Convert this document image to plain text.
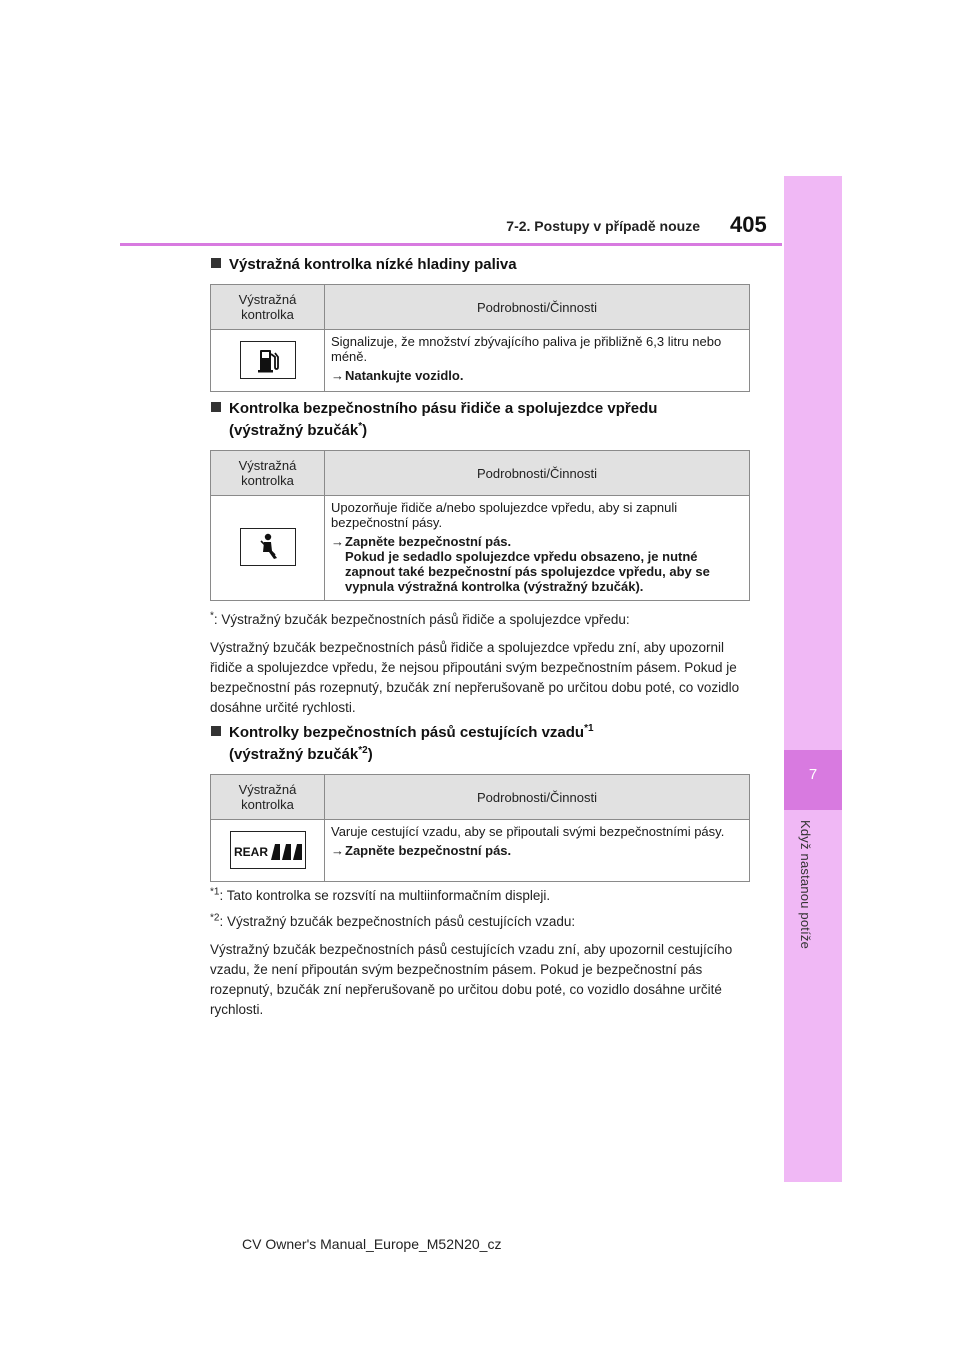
7
Když nastanou potíže
7-2. Postupy v případě nouze 405
Výstražná kontrolka nízké hladiny paliva
Výstražná kontrolka	Podrobnosti/Činnosti
	Signalizuje, že množství zbývajícího paliva je přibližně 6,3 litru nebo méně.
→ Natankujte vozidlo.
Kontrolka bezpečnostního pásu řidiče a spolujezdce vpředu
(výstražný bzučák*)
Výstražná kontrolka	Podrobnosti/Činnosti
	Upozorňuje řidiče a/nebo spolujezdce vpředu, aby si zapnuli bezpečnostní pásy.
→ Zapněte bezpečnostní pás.
Pokud je sedadlo spolujezdce vpředu obsazeno, je nutné zapnout také bezpečnostní pás spolujezdce vpředu, aby se vypnula výstražná kontrolka (výstražný bzučák).
*: Výstražný bzučák bezpečnostních pásů řidiče a spolujezdce vpředu:
Výstražný bzučák bezpečnostních pásů řidiče a spolujezdce vpředu zní, aby upozornil řidiče a spolujezdce vpředu, že nejsou připoutáni svým bezpečnostním pásem. Pokud je bezpečnostní pás rozepnutý, bzučák zní nepřerušovaně po určitou dobu poté, co vozidlo dosáhne určité rychlosti.
Kontrolky bezpečnostních pásů cestujících vzadu$^{*1}$
(výstražný bzučák$^{*2}$)
Výstražná kontrolka	Podrobnosti/Činnosti

REAR	Varuje cestující vzadu, aby se připoutali svými bezpečnostními pásy.
→ Zapněte bezpečnostní pás.
$^{*1}$: Tato kontrolka se rozsvítí na multiinformačním displeji.
$^{*2}$: Výstražný bzučák bezpečnostních pásů cestujících vzadu:
Výstražný bzučák bezpečnostních pásů cestujících vzadu zní, aby upozornil cestujícího vzadu, že není připoután svým bezpečnostním pásem. Pokud je bezpečnostní pás rozepnutý, bzučák zní nepřerušovaně po určitou dobu poté, co vozidlo dosáhne určité rychlosti.
CV Owner's Manual_Europe_M52N20_cz
